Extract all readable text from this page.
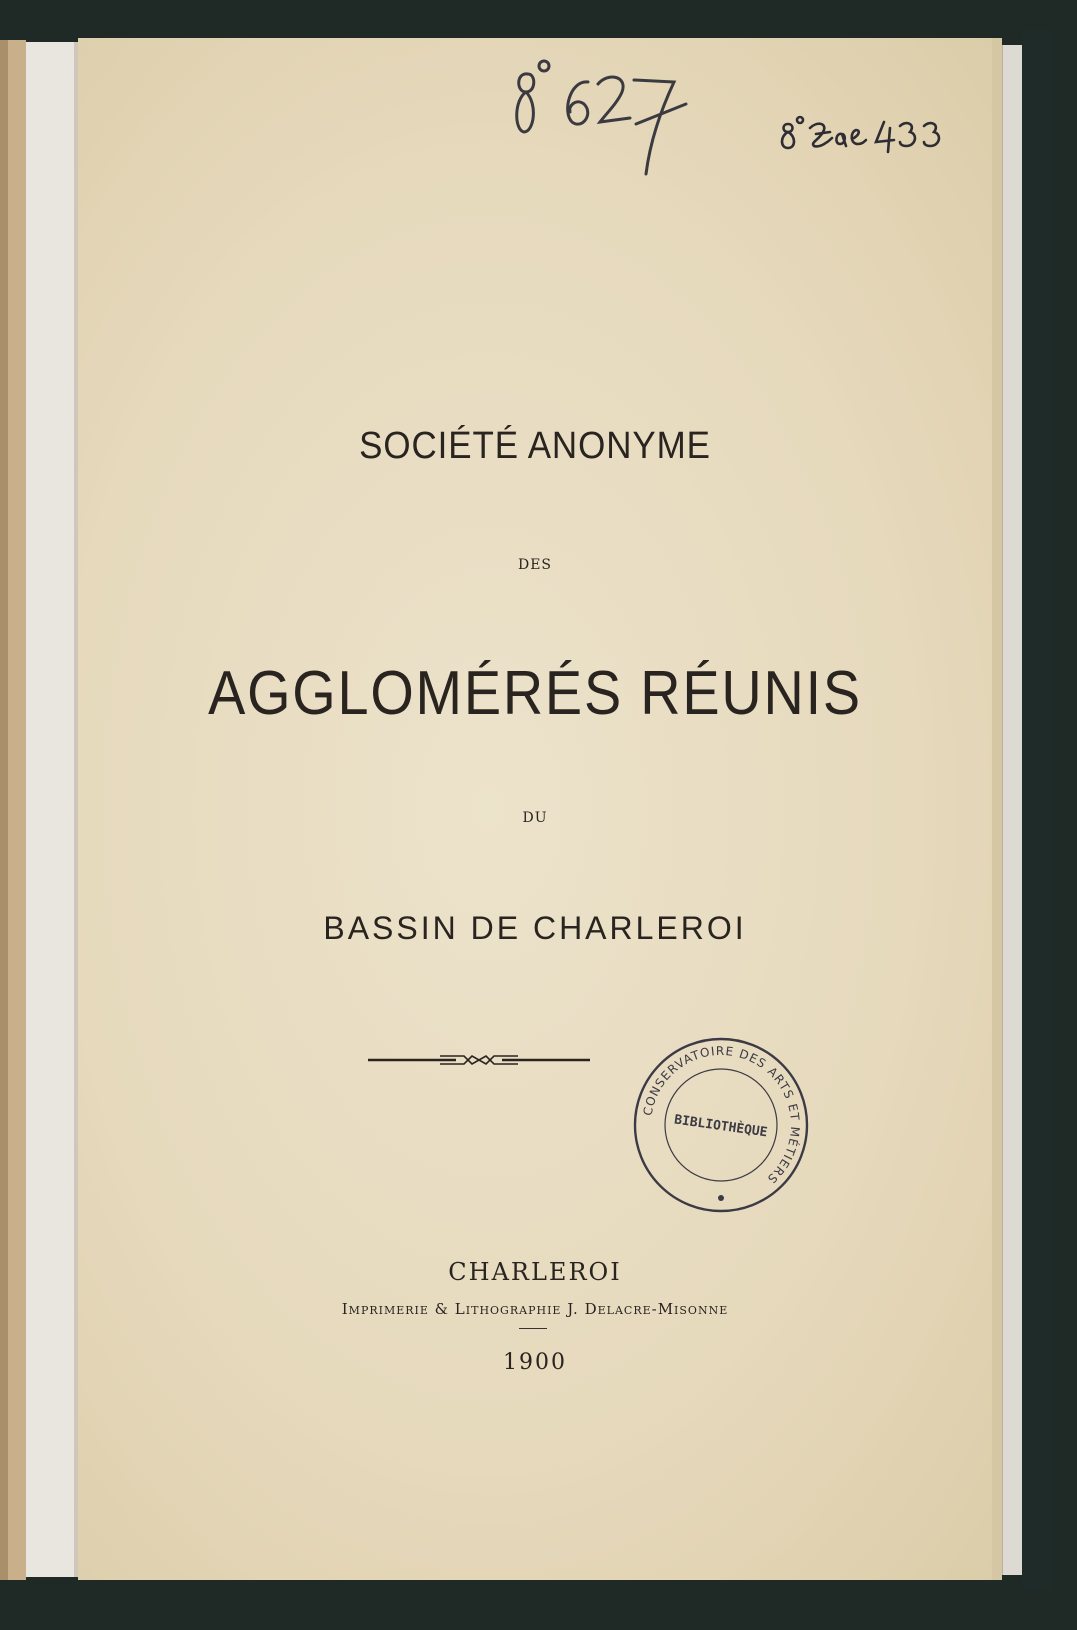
SOCIÉTÉ ANONYME
DES
AGGLOMÉRÉS RÉUNIS
DU
BASSIN DE CHARLEROI
CONSERVATOIRE DES ARTS ET MÉTIERS
BIBLIOTHÈQUE
CHARLEROI
Imprimerie & Lithographie J. Delacre-Misonne
1900
